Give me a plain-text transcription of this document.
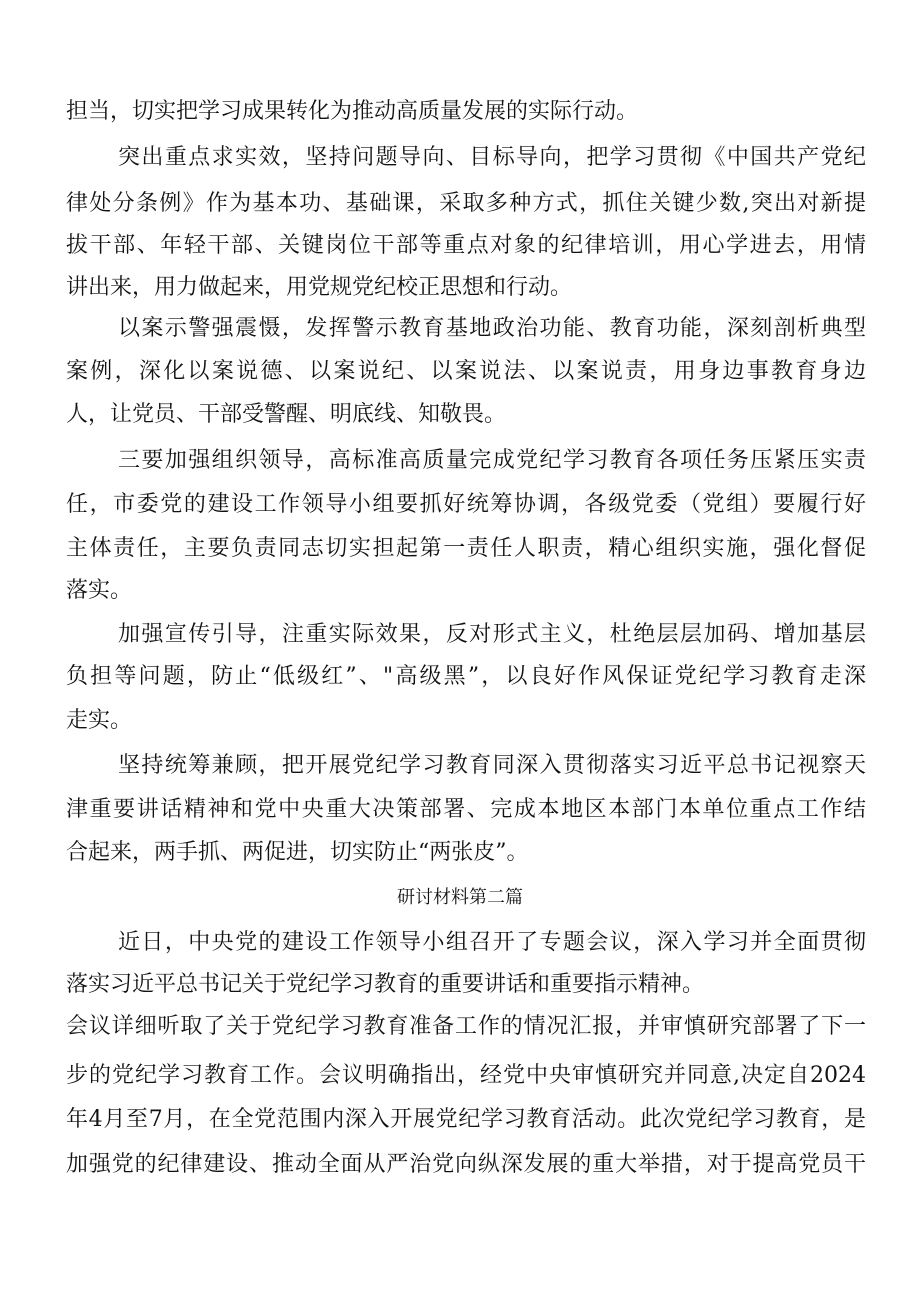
担当，切实把学习成果转化为推动高质量发展的实际行动。
突出重点求实效，坚持问题导向、目标导向，把学习贯彻《中国共产党纪
律处分条例》作为基本功、基础课，采取多种方式，抓住关键少数,突出对新提
拔干部、年轻干部、关键岗位干部等重点对象的纪律培训，用心学进去，用情
讲出来，用力做起来，用党规党纪校正思想和行动。
以案示警强震慑，发挥警示教育基地政治功能、教育功能，深刻剖析典型
案例，深化以案说德、以案说纪、以案说法、以案说责，用身边事教育身边
人，让党员、干部受警醒、明底线、知敬畏。
三要加强组织领导，高标准高质量完成党纪学习教育各项任务压紧压实责
任，市委党的建设工作领导小组要抓好统筹协调，各级党委（党组）要履行好
主体责任，主要负责同志切实担起第一责任人职责，精心组织实施，强化督促
落实。
加强宣传引导，注重实际效果，反对形式主义，杜绝层层加码、增加基层
负担等问题，防止“低级红”、"高级黑”，以良好作风保证党纪学习教育走深
走实。
坚持统筹兼顾，把开展党纪学习教育同深入贯彻落实习近平总书记视察天
津重要讲话精神和党中央重大决策部署、完成本地区本部门本单位重点工作结
合起来，两手抓、两促进，切实防止“两张皮”。
研讨材料第二篇
近日，中央党的建设工作领导小组召开了专题会议，深入学习并全面贯彻
落实习近平总书记关于党纪学习教育的重要讲话和重要指示精神。
会议详细听取了关于党纪学习教育准备工作的情况汇报，并审慎研究部署了下一
步的党纪学习教育工作。会议明确指出，经党中央审慎研究并同意,决定自2024
年4月至7月，在全党范围内深入开展党纪学习教育活动。此次党纪学习教育，是
加强党的纪律建设、推动全面从严治党向纵深发展的重大举措，对于提高党员干
